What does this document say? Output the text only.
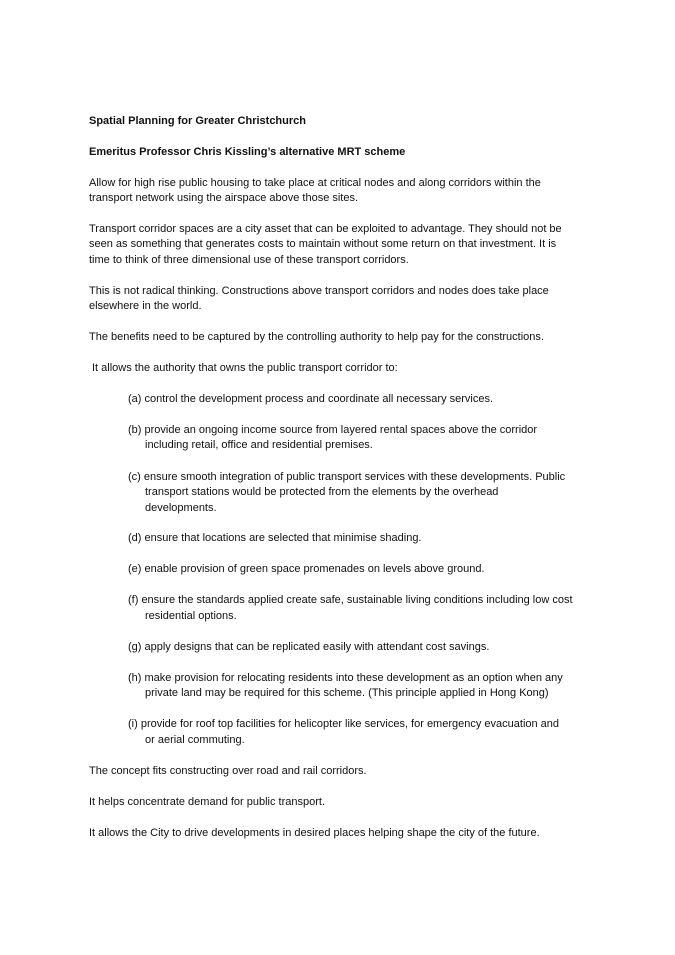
Spatial Planning for Greater Christchurch

Emeritus Professor Chris Kissling’s alternative MRT scheme

Allow for high rise public housing to take place at critical nodes and along corridors within the

transport network using the airspace above those sites.

Transport corridor spaces are a city asset that can be exploited to advantage. They should not be

seen as something that generates costs to maintain without some return on that investment. It is

time to think of three dimensional use of these transport corridors.

This is not radical thinking. Constructions above transport corridors and nodes does take place

elsewhere in the world.

The benefits need to be captured by the controlling authority to help pay for the constructions.

It allows the authority that owns the public transport corridor to:

(a) control the development process and coordinate all necessary services.

(b) provide an ongoing income source from layered rental spaces above the corridor

including retail, office and residential premises.

(c) ensure smooth integration of public transport services with these developments. Public

transport stations would be protected from the elements by the overhead

developments.

(d) ensure that locations are selected that minimise shading.

(e) enable provision of green space promenades on levels above ground.

(f) ensure the standards applied create safe, sustainable living conditions including low cost

residential options.

(g) apply designs that can be replicated easily with attendant cost savings.

(h) make provision for relocating residents into these development as an option when any

private land may be required for this scheme. (This principle applied in Hong Kong)

(i) provide for roof top facilities for helicopter like services, for emergency evacuation and

or aerial commuting.

The concept fits constructing over road and rail corridors.

It helps concentrate demand for public transport.

It allows the City to drive developments in desired places helping shape the city of the future.
